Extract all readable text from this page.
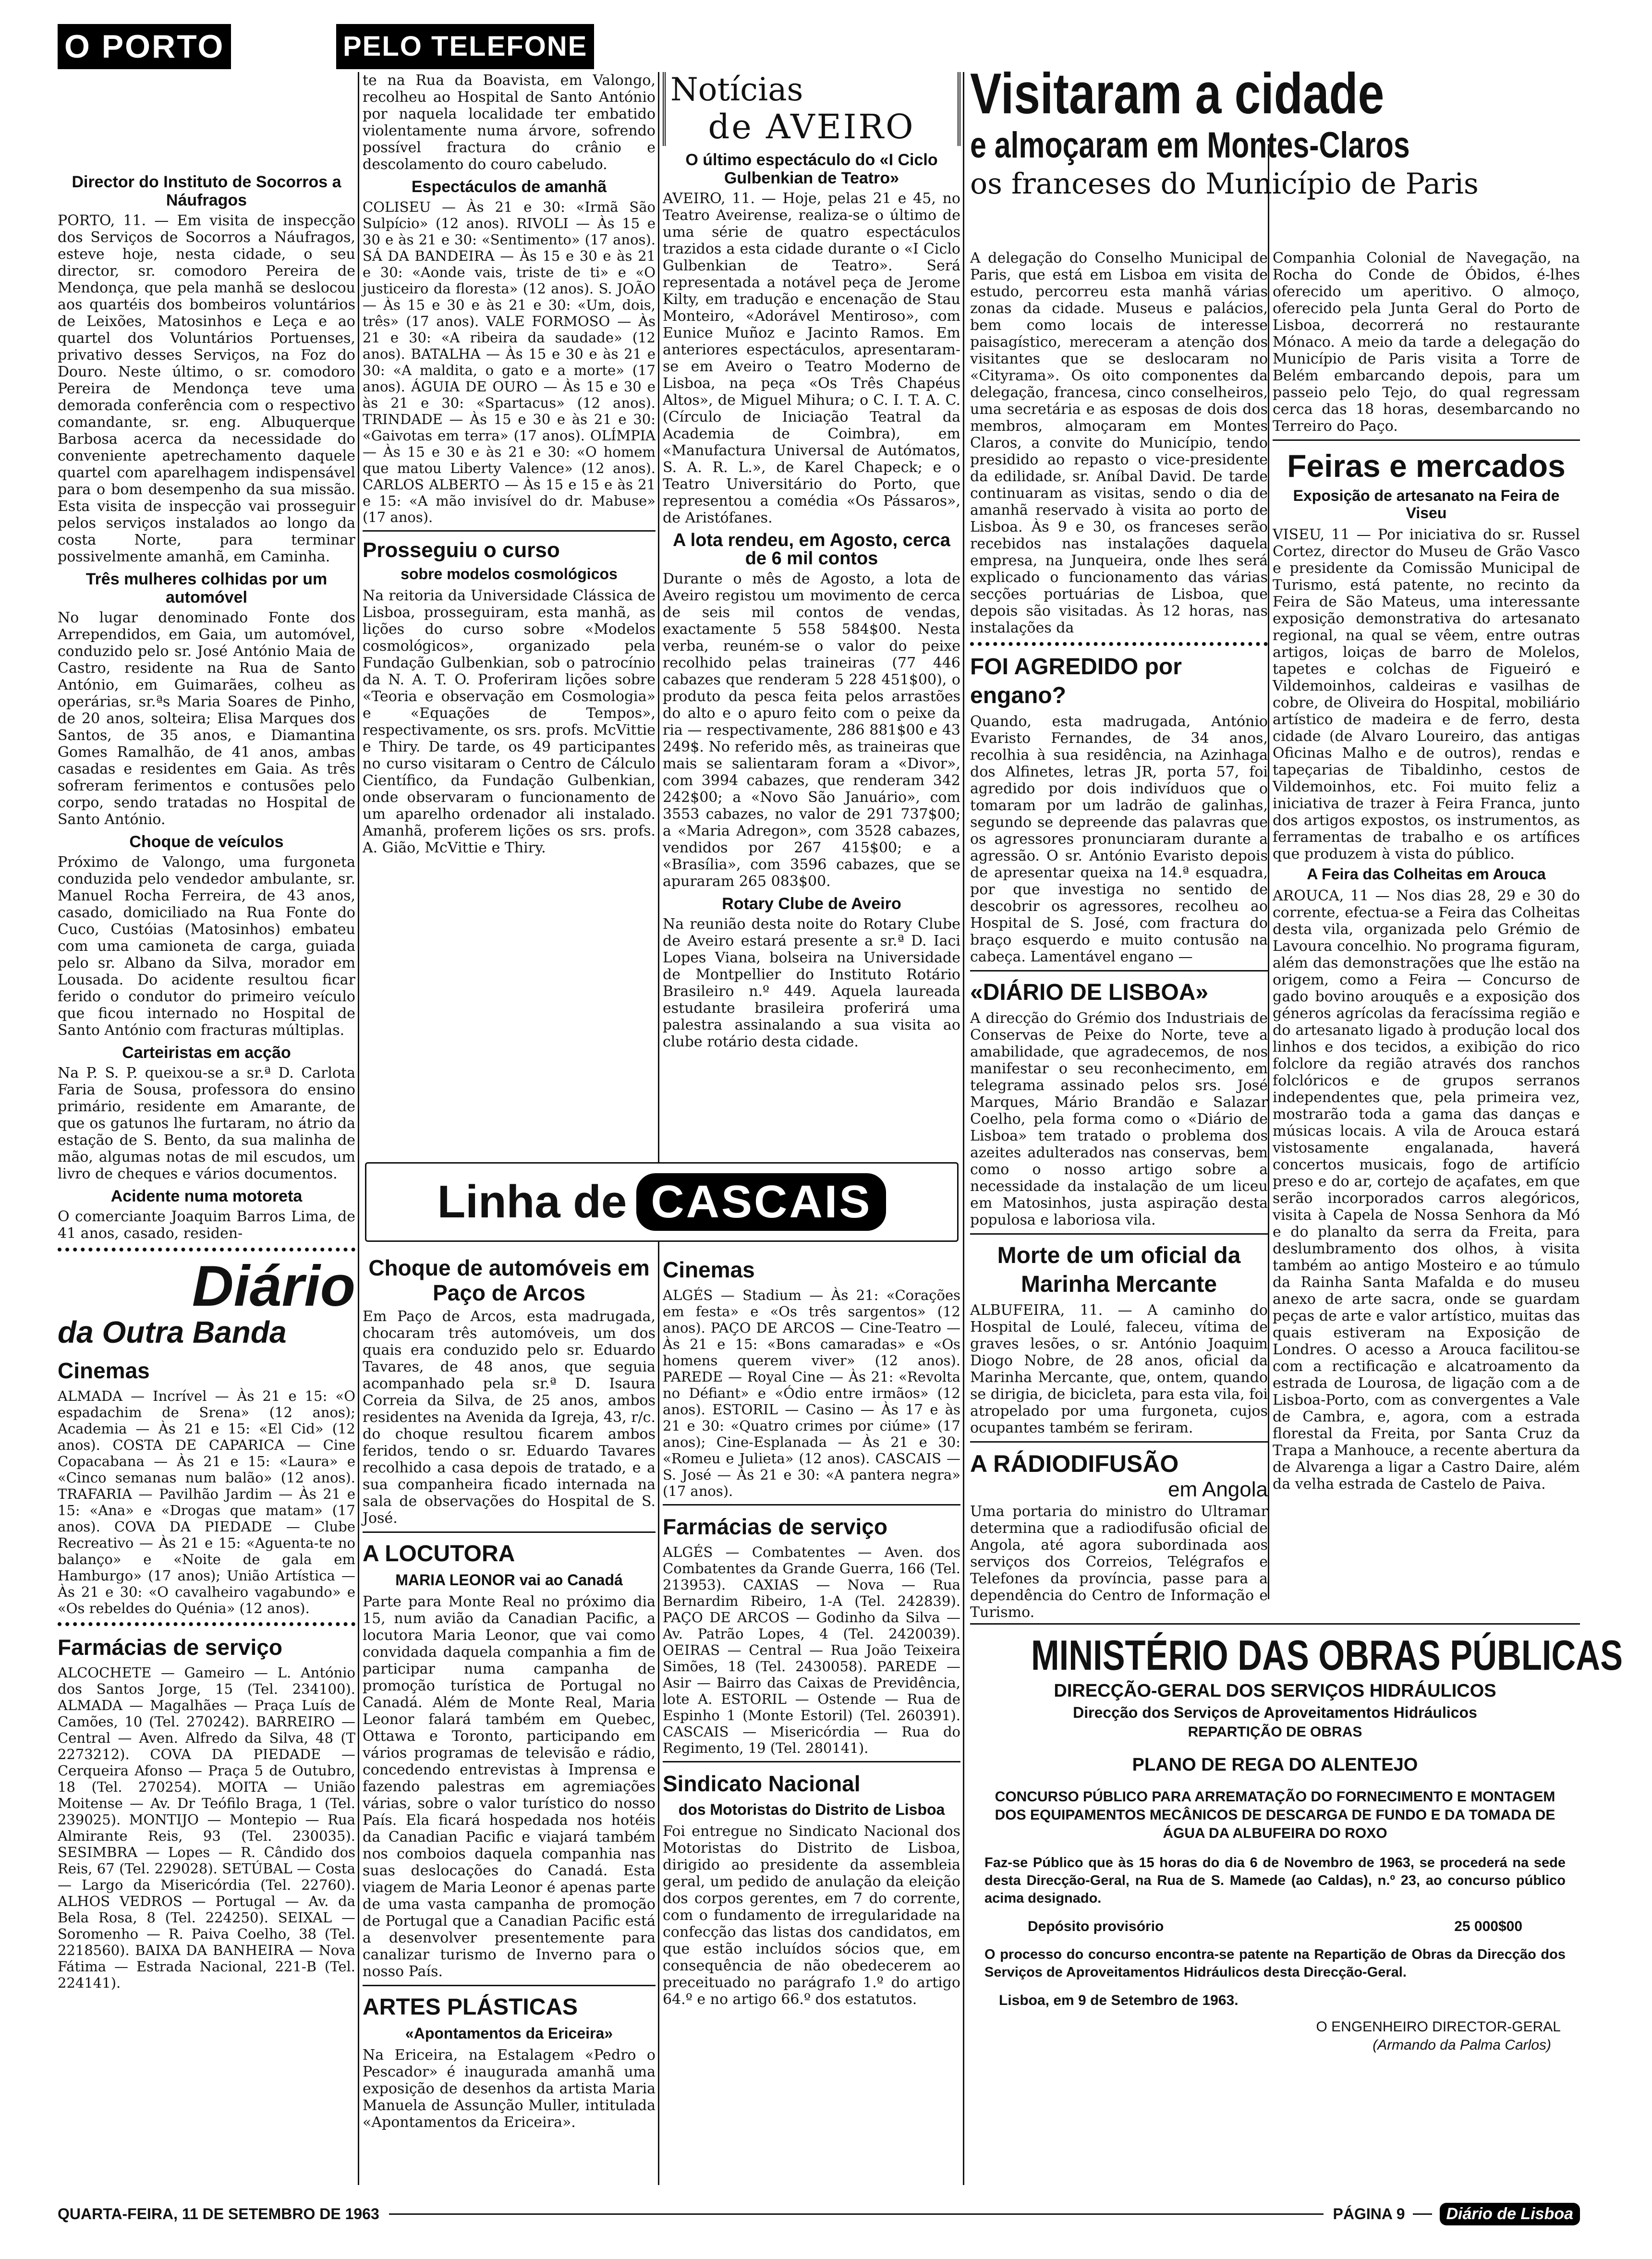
O PORTO	PELO TELEFONE
Director do Instituto de Socorros a Náufragos

PORTO, 11. — Em visita de inspecção dos Serviços de Socorros a Náufragos, esteve hoje, nesta cidade, o seu director, sr. comodoro Pereira de Mendonça, que pela manhã se deslocou aos quartéis dos bombeiros voluntários de Leixões, Matosinhos e Leça e ao quartel dos Voluntários Portuenses, privativo desses Serviços, na Foz do Douro. Neste último, o sr. comodoro Pereira de Mendonça teve uma demorada conferência com o respectivo comandante, sr. eng. Albuquerque Barbosa acerca da necessidade do conveniente apetrechamento daquele quartel com aparelhagem indispensável para o bom desempenho da sua missão. Esta visita de inspecção vai prosseguir pelos serviços instalados ao longo da costa Norte, para terminar possivelmente amanhã, em Caminha.

Três mulheres colhidas por um automóvel

No lugar denominado Fonte dos Arrependidos, em Gaia, um automóvel, conduzido pelo sr. José António Maia de Castro, residente na Rua de Santo António, em Guimarães, colheu as operárias, sr.ªs Maria Soares de Pinho, de 20 anos, solteira; Elisa Marques dos Santos, de 35 anos, e Diamantina Gomes Ramalhão, de 41 anos, ambas casadas e residentes em Gaia. As três sofreram ferimentos e contusões pelo corpo, sendo tratadas no Hospital de Santo António.

Choque de veículos

Próximo de Valongo, uma furgoneta conduzida pelo vendedor ambulante, sr. Manuel Rocha Ferreira, de 43 anos, casado, domiciliado na Rua Fonte do Cuco, Custóias (Matosinhos) embateu com uma camioneta de carga, guiada pelo sr. Albano da Silva, morador em Lousada. Do acidente resultou ficar ferido o condutor do primeiro veículo que ficou internado no Hospital de Santo António com fracturas múltiplas.

Carteiristas em acção

Na P. S. P. queixou-se a sr.ª D. Carlota Faria de Sousa, professora do ensino primário, residente em Amarante, de que os gatunos lhe furtaram, no átrio da estação de S. Bento, da sua malinha de mão, algumas notas de mil escudos, um livro de cheques e vários documentos.

Acidente numa motoreta

O comerciante Joaquim Barros Lima, de 41 anos, casado, residen-

Diário
da Outra Banda
Cinemas

ALMADA — Incrível — Às 21 e 15: «O espadachim de Srena» (12 anos); Academia — Às 21 e 15: «El Cid» (12 anos). COSTA DE CAPARICA — Cine Copacabana — Às 21 e 15: «Laura» e «Cinco semanas num balão» (12 anos). TRAFARIA — Pavilhão Jardim — Às 21 e 15: «Ana» e «Drogas que matam» (17 anos). COVA DA PIEDADE — Clube Recreativo — Às 21 e 15: «Aguenta-te no balanço» e «Noite de gala em Hamburgo» (17 anos); União Artística — Às 21 e 30: «O cavalheiro vagabundo» e «Os rebeldes do Quénia» (12 anos).

Farmácias de serviço

ALCOCHETE — Gameiro — L. António dos Santos Jorge, 15 (Tel. 234100). ALMADA — Magalhães — Praça Luís de Camões, 10 (Tel. 270242). BARREIRO — Central — Aven. Alfredo da Silva, 48 (T 2273212). COVA DA PIEDADE — Cerqueira Afonso — Praça 5 de Outubro, 18 (Tel. 270254). MOITA — União Moitense — Av. Dr Teófilo Braga, 1 (Tel. 239025). MONTIJO — Montepio — Rua Almirante Reis, 93 (Tel. 230035). SESIMBRA — Lopes — R. Cândido dos Reis, 67 (Tel. 229028). SETÚBAL — Costa — Largo da Misericórdia (Tel. 22760). ALHOS VEDROS — Portugal — Av. da Bela Rosa, 8 (Tel. 224250). SEIXAL — Soromenho — R. Paiva Coelho, 38 (Tel. 2218560). BAIXA DA BANHEIRA — Nova Fátima — Estrada Nacional, 221-B (Tel. 224141).

te na Rua da Boavista, em Valongo, recolheu ao Hospital de Santo António por naquela localidade ter embatido violentamente numa árvore, sofrendo possível fractura do crânio e descolamento do couro cabeludo.

Espectáculos de amanhã

COLISEU — Às 21 e 30: «Irmã São Sulpício» (12 anos). RIVOLI — Às 15 e 30 e às 21 e 30: «Sentimento» (17 anos). SÁ DA BANDEIRA — Às 15 e 30 e às 21 e 30: «Aonde vais, triste de ti» e «O justiceiro da floresta» (12 anos). S. JOÃO — Às 15 e 30 e às 21 e 30: «Um, dois, três» (17 anos). VALE FORMOSO — Às 21 e 30: «A ribeira da saudade» (12 anos). BATALHA — Às 15 e 30 e às 21 e 30: «A maldita, o gato e a morte» (17 anos). ÁGUIA DE OURO — Às 15 e 30 e às 21 e 30: «Spartacus» (12 anos). TRINDADE — Às 15 e 30 e às 21 e 30: «Gaivotas em terra» (17 anos). OLÍMPIA — Às 15 e 30 e às 21 e 30: «O homem que matou Liberty Valence» (12 anos). CARLOS ALBERTO — Às 15 e 15 e às 21 e 15: «A mão invisível do dr. Mabuse» (17 anos).

Prosseguiu o curso
sobre modelos cosmológicos

Na reitoria da Universidade Clássica de Lisboa, prosseguiram, esta manhã, as lições do curso sobre «Modelos cosmológicos», organizado pela Fundação Gulbenkian, sob o patrocínio da N. A. T. O. Proferiram lições sobre «Teoria e observação em Cosmologia» e «Equações de Tempos», respectivamente, os srs. profs. McVittie e Thiry. De tarde, os 49 participantes no curso visitaram o Centro de Cálculo Científico, da Fundação Gulbenkian, onde observaram o funcionamento de um aparelho ordenador ali instalado. Amanhã, proferem lições os srs. profs. A. Gião, McVittie e Thiry.

Notícias
de AVEIRO
O último espectáculo do «I Ciclo Gulbenkian de Teatro»

AVEIRO, 11. — Hoje, pelas 21 e 45, no Teatro Aveirense, realiza-se o último de uma série de quatro espectáculos trazidos a esta cidade durante o «I Ciclo Gulbenkian de Teatro». Será representada a notável peça de Jerome Kilty, em tradução e encenação de Stau Monteiro, «Adorável Mentiroso», com Eunice Muñoz e Jacinto Ramos. Em anteriores espectáculos, apresentaram-se em Aveiro o Teatro Moderno de Lisboa, na peça «Os Três Chapéus Altos», de Miguel Mihura; o C. I. T. A. C. (Círculo de Iniciação Teatral da Academia de Coimbra), em «Manufactura Universal de Autómatos, S. A. R. L.», de Karel Chapeck; e o Teatro Universitário do Porto, que representou a comédia «Os Pássaros», de Aristófanes.

A lota rendeu, em Agosto, cerca de 6 mil contos

Durante o mês de Agosto, a lota de Aveiro registou um movimento de cerca de seis mil contos de vendas, exactamente 5 558 584$00. Nesta verba, reuném-se o valor do peixe recolhido pelas traineiras (77 446 cabazes que renderam 5 228 451$00), o produto da pesca feita pelos arrastões do alto e o apuro feito com o peixe da ria — respectivamente, 286 881$00 e 43 249$. No referido mês, as traineiras que mais se salientaram foram a «Divor», com 3994 cabazes, que renderam 342 242$00; a «Novo São Januário», com 3553 cabazes, no valor de 291 737$00; a «Maria Adregon», com 3528 cabazes, vendidos por 267 415$00; e a «Brasília», com 3596 cabazes, que se apuraram 265 083$00.

Rotary Clube de Aveiro

Na reunião desta noite do Rotary Clube de Aveiro estará presente a sr.ª D. Iaci Lopes Viana, bolseira na Universidade de Montpellier do Instituto Rotário Brasileiro n.º 449. Aquela laureada estudante brasileira proferirá uma palestra assinalando a sua visita ao clube rotário desta cidade.

Linha de CASCAIS
Choque de automóveis em Paço de Arcos

Em Paço de Arcos, esta madrugada, chocaram três automóveis, um dos quais era conduzido pelo sr. Eduardo Tavares, de 48 anos, que seguia acompanhado pela sr.ª D. Isaura Correia da Silva, de 25 anos, ambos residentes na Avenida da Igreja, 43, r/c. do choque resultou ficarem ambos feridos, tendo o sr. Eduardo Tavares recolhido a casa depois de tratado, e a sua companheira ficado internada na sala de observações do Hospital de S. José.

A LOCUTORA
MARIA LEONOR vai ao Canadá

Parte para Monte Real no próximo dia 15, num avião da Canadian Pacific, a locutora Maria Leonor, que vai como convidada daquela companhia a fim de participar numa campanha de promoção turística de Portugal no Canadá. Além de Monte Real, Maria Leonor falará também em Quebec, Ottawa e Toronto, participando em vários programas de televisão e rádio, concedendo entrevistas à Imprensa e fazendo palestras em agremiações várias, sobre o valor turístico do nosso País. Ela ficará hospedada nos hotéis da Canadian Pacific e viajará também nos comboios daquela companhia nas suas deslocações do Canadá. Esta viagem de Maria Leonor é apenas parte de uma vasta campanha de promoção de Portugal que a Canadian Pacific está a desenvolver presentemente para canalizar turismo de Inverno para o nosso País.

ARTES PLÁSTICAS
«Apontamentos da Ericeira»

Na Ericeira, na Estalagem «Pedro o Pescador» é inaugurada amanhã uma exposição de desenhos da artista Maria Manuela de Assunção Muller, intitulada «Apontamentos da Ericeira».

Cinemas

ALGÉS — Stadium — Às 21: «Corações em festa» e «Os três sargentos» (12 anos). PAÇO DE ARCOS — Cine-Teatro — Às 21 e 15: «Bons camaradas» e «Os homens querem viver» (12 anos). PAREDE — Royal Cine — Às 21: «Revolta no Défiant» e «Ódio entre irmãos» (12 anos). ESTORIL — Casino — Às 17 e às 21 e 30: «Quatro crimes por ciúme» (17 anos); Cine-Esplanada — Às 21 e 30: «Romeu e Julieta» (12 anos). CASCAIS — S. José — Às 21 e 30: «A pantera negra» (17 anos).

Farmácias de serviço

ALGÉS — Combatentes — Aven. dos Combatentes da Grande Guerra, 166 (Tel. 213953). CAXIAS — Nova — Rua Bernardim Ribeiro, 1-A (Tel. 242839). PAÇO DE ARCOS — Godinho da Silva — Av. Patrão Lopes, 4 (Tel. 2420039). OEIRAS — Central — Rua João Teixeira Simões, 18 (Tel. 2430058). PAREDE — Asir — Bairro das Caixas de Previdência, lote A. ESTORIL — Ostende — Rua de Espinho 1 (Monte Estoril) (Tel. 260391). CASCAIS — Misericórdia — Rua do Regimento, 19 (Tel. 280141).

Sindicato Nacional
dos Motoristas do Distrito de Lisboa

Foi entregue no Sindicato Nacional dos Motoristas do Distrito de Lisboa, dirigido ao presidente da assembleia geral, um pedido de anulação da eleição dos corpos gerentes, em 7 do corrente, com o fundamento de irregularidade na confecção das listas dos candidatos, em que estão incluídos sócios que, em consequência de não obedecerem ao preceituado no parágrafo 1.º do artigo 64.º e no artigo 66.º dos estatutos.

Visitaram a cidade
e almoçaram em Montes-Claros
os franceses do Município de Paris

A delegação do Conselho Municipal de Paris, que está em Lisboa em visita de estudo, percorreu esta manhã várias zonas da cidade. Museus e palácios, bem como locais de interesse paisagístico, mereceram a atenção dos visitantes que se deslocaram no «Cityrama». Os oito componentes da delegação, francesa, cinco conselheiros, uma secretária e as esposas de dois dos membros, almoçaram em Montes Claros, a convite do Município, tendo presidido ao repasto o vice-presidente da edilidade, sr. Aníbal David. De tarde continuaram as visitas, sendo o dia de amanhã reservado à visita ao porto de Lisboa. Às 9 e 30, os franceses serão recebidos nas instalações daquela empresa, na Junqueira, onde lhes será explicado o funcionamento das várias secções portuárias de Lisboa, que depois são visitadas. Às 12 horas, nas instalações da

FOI AGREDIDO por engano?

Quando, esta madrugada, António Evaristo Fernandes, de 34 anos, recolhia à sua residência, na Azinhaga dos Alfinetes, letras JR, porta 57, foi agredido por dois indivíduos que o tomaram por um ladrão de galinhas, segundo se depreende das palavras que os agressores pronunciaram durante a agressão. O sr. António Evaristo depois de apresentar queixa na 14.ª esquadra, por que investiga no sentido de descobrir os agressores, recolheu ao Hospital de S. José, com fractura do braço esquerdo e muito contusão na cabeça. Lamentável engano —

«DIÁRIO DE LISBOA»

A direcção do Grémio dos Industriais de Conservas de Peixe do Norte, teve a amabilidade, que agradecemos, de nos manifestar o seu reconhecimento, em telegrama assinado pelos srs. José Marques, Mário Brandão e Salazar Coelho, pela forma como o «Diário de Lisboa» tem tratado o problema dos azeites adulterados nas conservas, bem como o nosso artigo sobre a necessidade da instalação de um liceu em Matosinhos, justa aspiração desta populosa e laboriosa vila.

Morte de um oficial da Marinha Mercante

ALBUFEIRA, 11. — A caminho do Hospital de Loulé, faleceu, vítima de graves lesões, o sr. António Joaquim Diogo Nobre, de 28 anos, oficial da Marinha Mercante, que, ontem, quando se dirigia, de bicicleta, para esta vila, foi atropelado por uma furgoneta, cujos ocupantes também se feriram.

A RÁDIODIFUSÃO
em Angola

Uma portaria do ministro do Ultramar determina que a radiodifusão oficial de Angola, até agora subordinada aos serviços dos Correios, Telégrafos e Telefones da província, passe para a dependência do Centro de Informação e Turismo.

Companhia Colonial de Navegação, na Rocha do Conde de Óbidos, é-lhes oferecido um aperitivo. O almoço, oferecido pela Junta Geral do Porto de Lisboa, decorrerá no restaurante Mónaco. A meio da tarde a delegação do Município de Paris visita a Torre de Belém embarcando depois, para um passeio pelo Tejo, do qual regressam cerca das 18 horas, desembarcando no Terreiro do Paço.

Feiras e mercados
Exposição de artesanato na Feira de Viseu

VISEU, 11 — Por iniciativa do sr. Russel Cortez, director do Museu de Grão Vasco e presidente da Comissão Municipal de Turismo, está patente, no recinto da Feira de São Mateus, uma interessante exposição demonstrativa do artesanato regional, na qual se vêem, entre outras artigos, loiças de barro de Molelos, tapetes e colchas de Figueiró e Vildemoinhos, caldeiras e vasilhas de cobre, de Oliveira do Hospital, mobiliário artístico de madeira e de ferro, desta cidade (de Alvaro Loureiro, das antigas Oficinas Malho e de outros), rendas e tapeçarias de Tibaldinho, cestos de Vildemoinhos, etc. Foi muito feliz a iniciativa de trazer à Feira Franca, junto dos artigos expostos, os instrumentos, as ferramentas de trabalho e os artífices que produzem à vista do público.

A Feira das Colheitas em Arouca

AROUCA, 11 — Nos dias 28, 29 e 30 do corrente, efectua-se a Feira das Colheitas desta vila, organizada pelo Grémio de Lavoura concelhio. No programa figuram, além das demonstrações que lhe estão na origem, como a Feira — Concurso de gado bovino arouquês e a exposição dos géneros agrícolas da feracíssima região e do artesanato ligado à produção local dos linhos e dos tecidos, a exibição do rico folclore da região através dos ranchos folclóricos e de grupos serranos independentes que, pela primeira vez, mostrarão toda a gama das danças e músicas locais. A vila de Arouca estará vistosamente engalanada, haverá concertos musicais, fogo de artifício preso e do ar, cortejo de açafates, em que serão incorporados carros alegóricos, visita à Capela de Nossa Senhora da Mó e do planalto da serra da Freita, para deslumbramento dos olhos, à visita também ao antigo Mosteiro e ao túmulo da Rainha Santa Mafalda e do museu anexo de arte sacra, onde se guardam peças de arte e valor artístico, muitas das quais estiveram na Exposição de Londres. O acesso a Arouca facilitou-se com a rectificação e alcatroamento da estrada de Lourosa, de ligação com a de Lisboa-Porto, com as convergentes a Vale de Cambra, e, agora, com a estrada florestal da Freita, por Santa Cruz da Trapa a Manhouce, a recente abertura da de Alvarenga a ligar a Castro Daire, além da velha estrada de Castelo de Paiva.

MINISTÉRIO DAS OBRAS PÚBLICAS
DIRECÇÃO-GERAL DOS SERVIÇOS HIDRÁULICOS
Direcção dos Serviços de Aproveitamentos Hidráulicos
REPARTIÇÃO DE OBRAS
PLANO DE REGA DO ALENTEJO
CONCURSO PÚBLICO PARA ARREMATAÇÃO DO FORNECIMENTO E MONTAGEM DOS EQUIPAMENTOS MECÂNICOS DE DESCARGA DE FUNDO E DA TOMADA DE ÁGUA DA ALBUFEIRA DO ROXO
Faz-se Público que às 15 horas do dia 6 de Novembro de 1963, se procederá na sede desta Direcção-Geral, na Rua de S. Mamede (ao Caldas), n.º 23, ao concurso público acima designado.
Depósito provisório	25 000$00
O processo do concurso encontra-se patente na Repartição de Obras da Direcção dos Serviços de Aproveitamentos Hidráulicos desta Direcção-Geral.
Lisboa, em 9 de Setembro de 1963.
O ENGENHEIRO DIRECTOR-GERAL
(Armando da Palma Carlos)
QUARTA-FEIRA, 11 DE SETEMBRO DE 1963	PÁGINA 9	Diário de Lisboa
